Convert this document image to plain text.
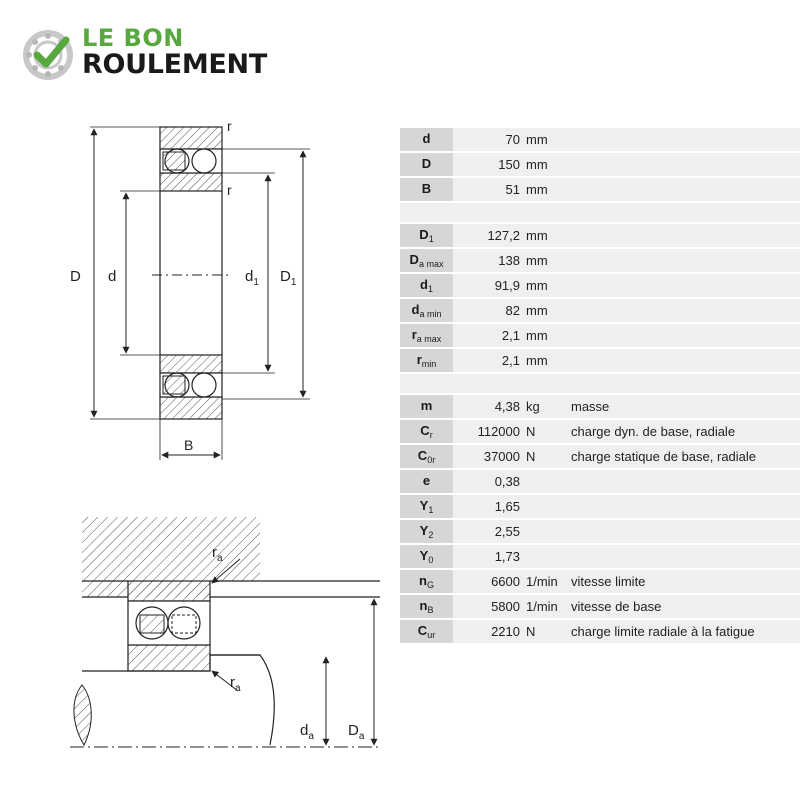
LE BON
ROULEMENT
D d	$d_1$ $D_1$
B
r
r
$r_a$
$r_a$
$d_a$ $D_a$
d	70 mm	
D	150 mm	
B	51 mm	

$D_1$	127,2 mm	
$D_{a max}$	138 mm	
$d_1$	91,9 mm	
$d_{a min}$	82 mm	
$r_{a max}$	2,1 mm	
$r_{min}$	2,1 mm	

m	4,38 kg	masse
$C_r$	112000 N	charge dyn. de base, radiale
$C_{0r}$	37000 N	charge statique de base, radiale
e	0,38	
$Y_1$	1,65	
$Y_2$	2,55	
$Y_0$	1,73	
$n_G$	6600 1/min	vitesse limite
$n_B$	5800 1/min	vitesse de base
$C_{ur}$	2210 N	charge limite radiale à la fatigue
